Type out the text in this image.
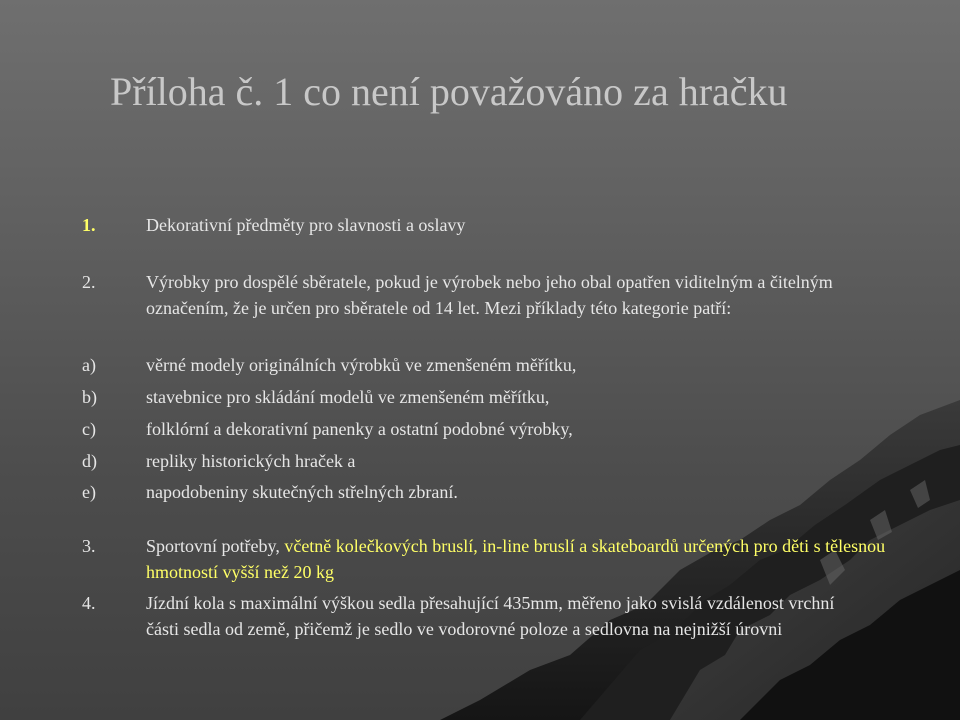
Příloha č. 1 co není považováno za hračku
1.	Dekorativní předměty pro slavnosti a oslavy
2.	Výrobky pro dospělé sběratele, pokud je výrobek nebo jeho obal opatřen viditelným a čitelným označením, že je určen pro sběratele od 14 let. Mezi příklady této kategorie patří:
a)	věrné modely originálních výrobků ve zmenšeném měřítku,
b)	stavebnice pro skládání modelů ve zmenšeném měřítku,
c)	folklórní a dekorativní panenky a ostatní podobné výrobky,
d)	repliky historických hraček a
e)	napodobeniny skutečných střelných zbraní.
3.	Sportovní potřeby, včetně kolečkových bruslí, in-line bruslí a skateboardů určených pro děti s tělesnou hmotností vyšší než 20 kg
4.	Jízdní kola s maximální výškou sedla přesahující 435mm, měřeno jako svislá vzdálenost vrchní části sedla od země, přičemž je sedlo ve vodorovné poloze a sedlovna na nejnižší úrovni
